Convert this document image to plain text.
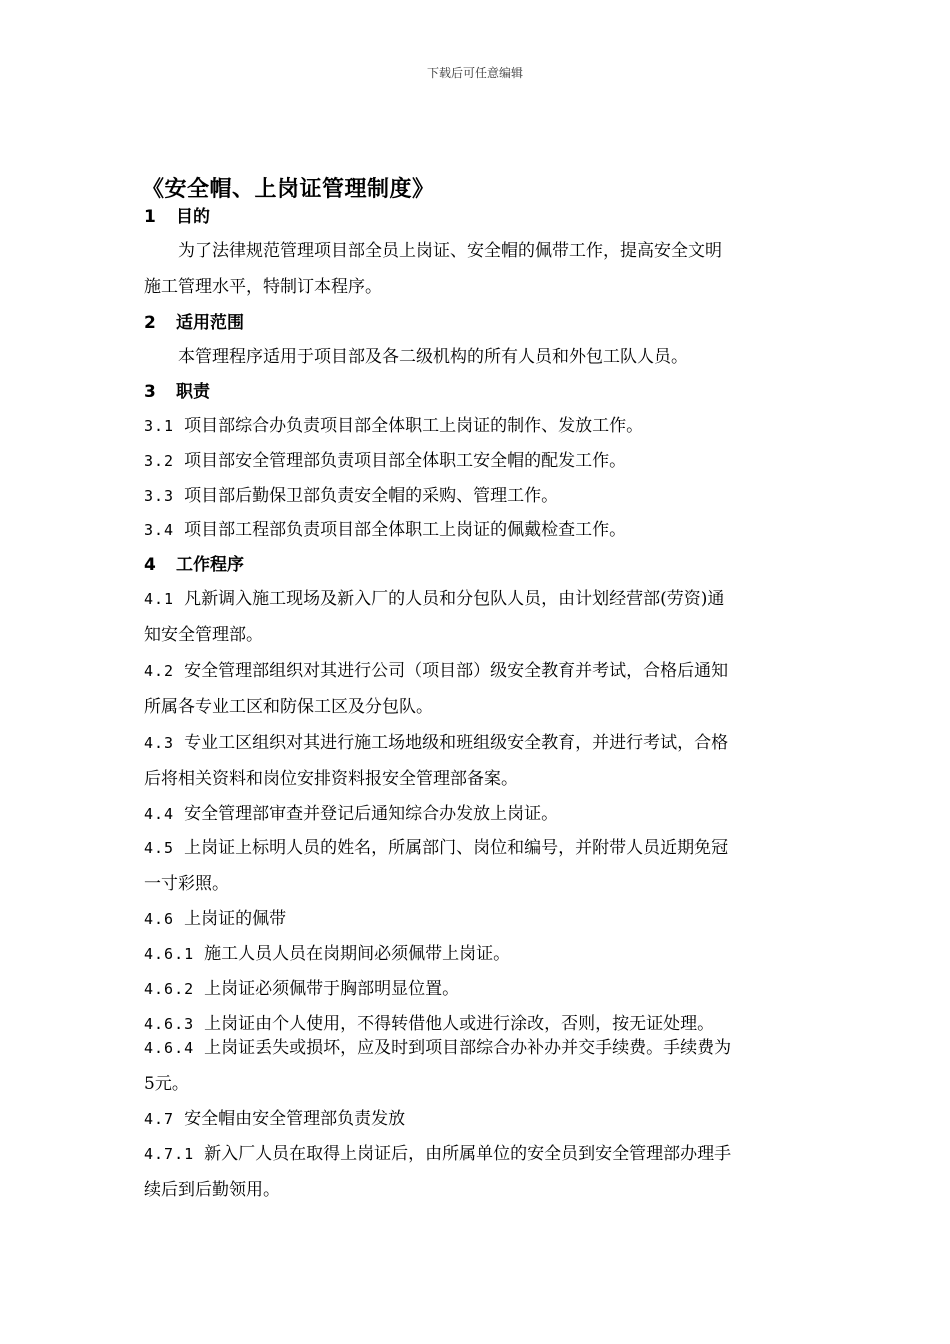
下载后可任意编辑
《安全帽、上岗证管理制度》
1 目的
为了法律规范管理项目部全员上岗证、安全帽的佩带工作，提高安全文明
施工管理水平，特制订本程序。
2 适用范围
本管理程序适用于项目部及各二级机构的所有人员和外包工队人员。
3 职责
3.1 项目部综合办负责项目部全体职工上岗证的制作、发放工作。
3.2 项目部安全管理部负责项目部全体职工安全帽的配发工作。
3.3 项目部后勤保卫部负责安全帽的采购、管理工作。
3.4 项目部工程部负责项目部全体职工上岗证的佩戴检查工作。
4 工作程序
4.1 凡新调入施工现场及新入厂的人员和分包队人员，由计划经营部(劳资)通
知安全管理部。
4.2 安全管理部组织对其进行公司（项目部）级安全教育并考试，合格后通知
所属各专业工区和防保工区及分包队。
4.3 专业工区组织对其进行施工场地级和班组级安全教育，并进行考试，合格
后将相关资料和岗位安排资料报安全管理部备案。
4.4 安全管理部审查并登记后通知综合办发放上岗证。
4.5 上岗证上标明人员的姓名，所属部门、岗位和编号，并附带人员近期免冠
一寸彩照。
4.6 上岗证的佩带
4.6.1 施工人员人员在岗期间必须佩带上岗证。
4.6.2 上岗证必须佩带于胸部明显位置。
4.6.3 上岗证由个人使用，不得转借他人或进行涂改，否则，按无证处理。
4.6.4 上岗证丢失或损坏，应及时到项目部综合办补办并交手续费。手续费为
5元。
4.7 安全帽由安全管理部负责发放
4.7.1 新入厂人员在取得上岗证后，由所属单位的安全员到安全管理部办理手
续后到后勤领用。
